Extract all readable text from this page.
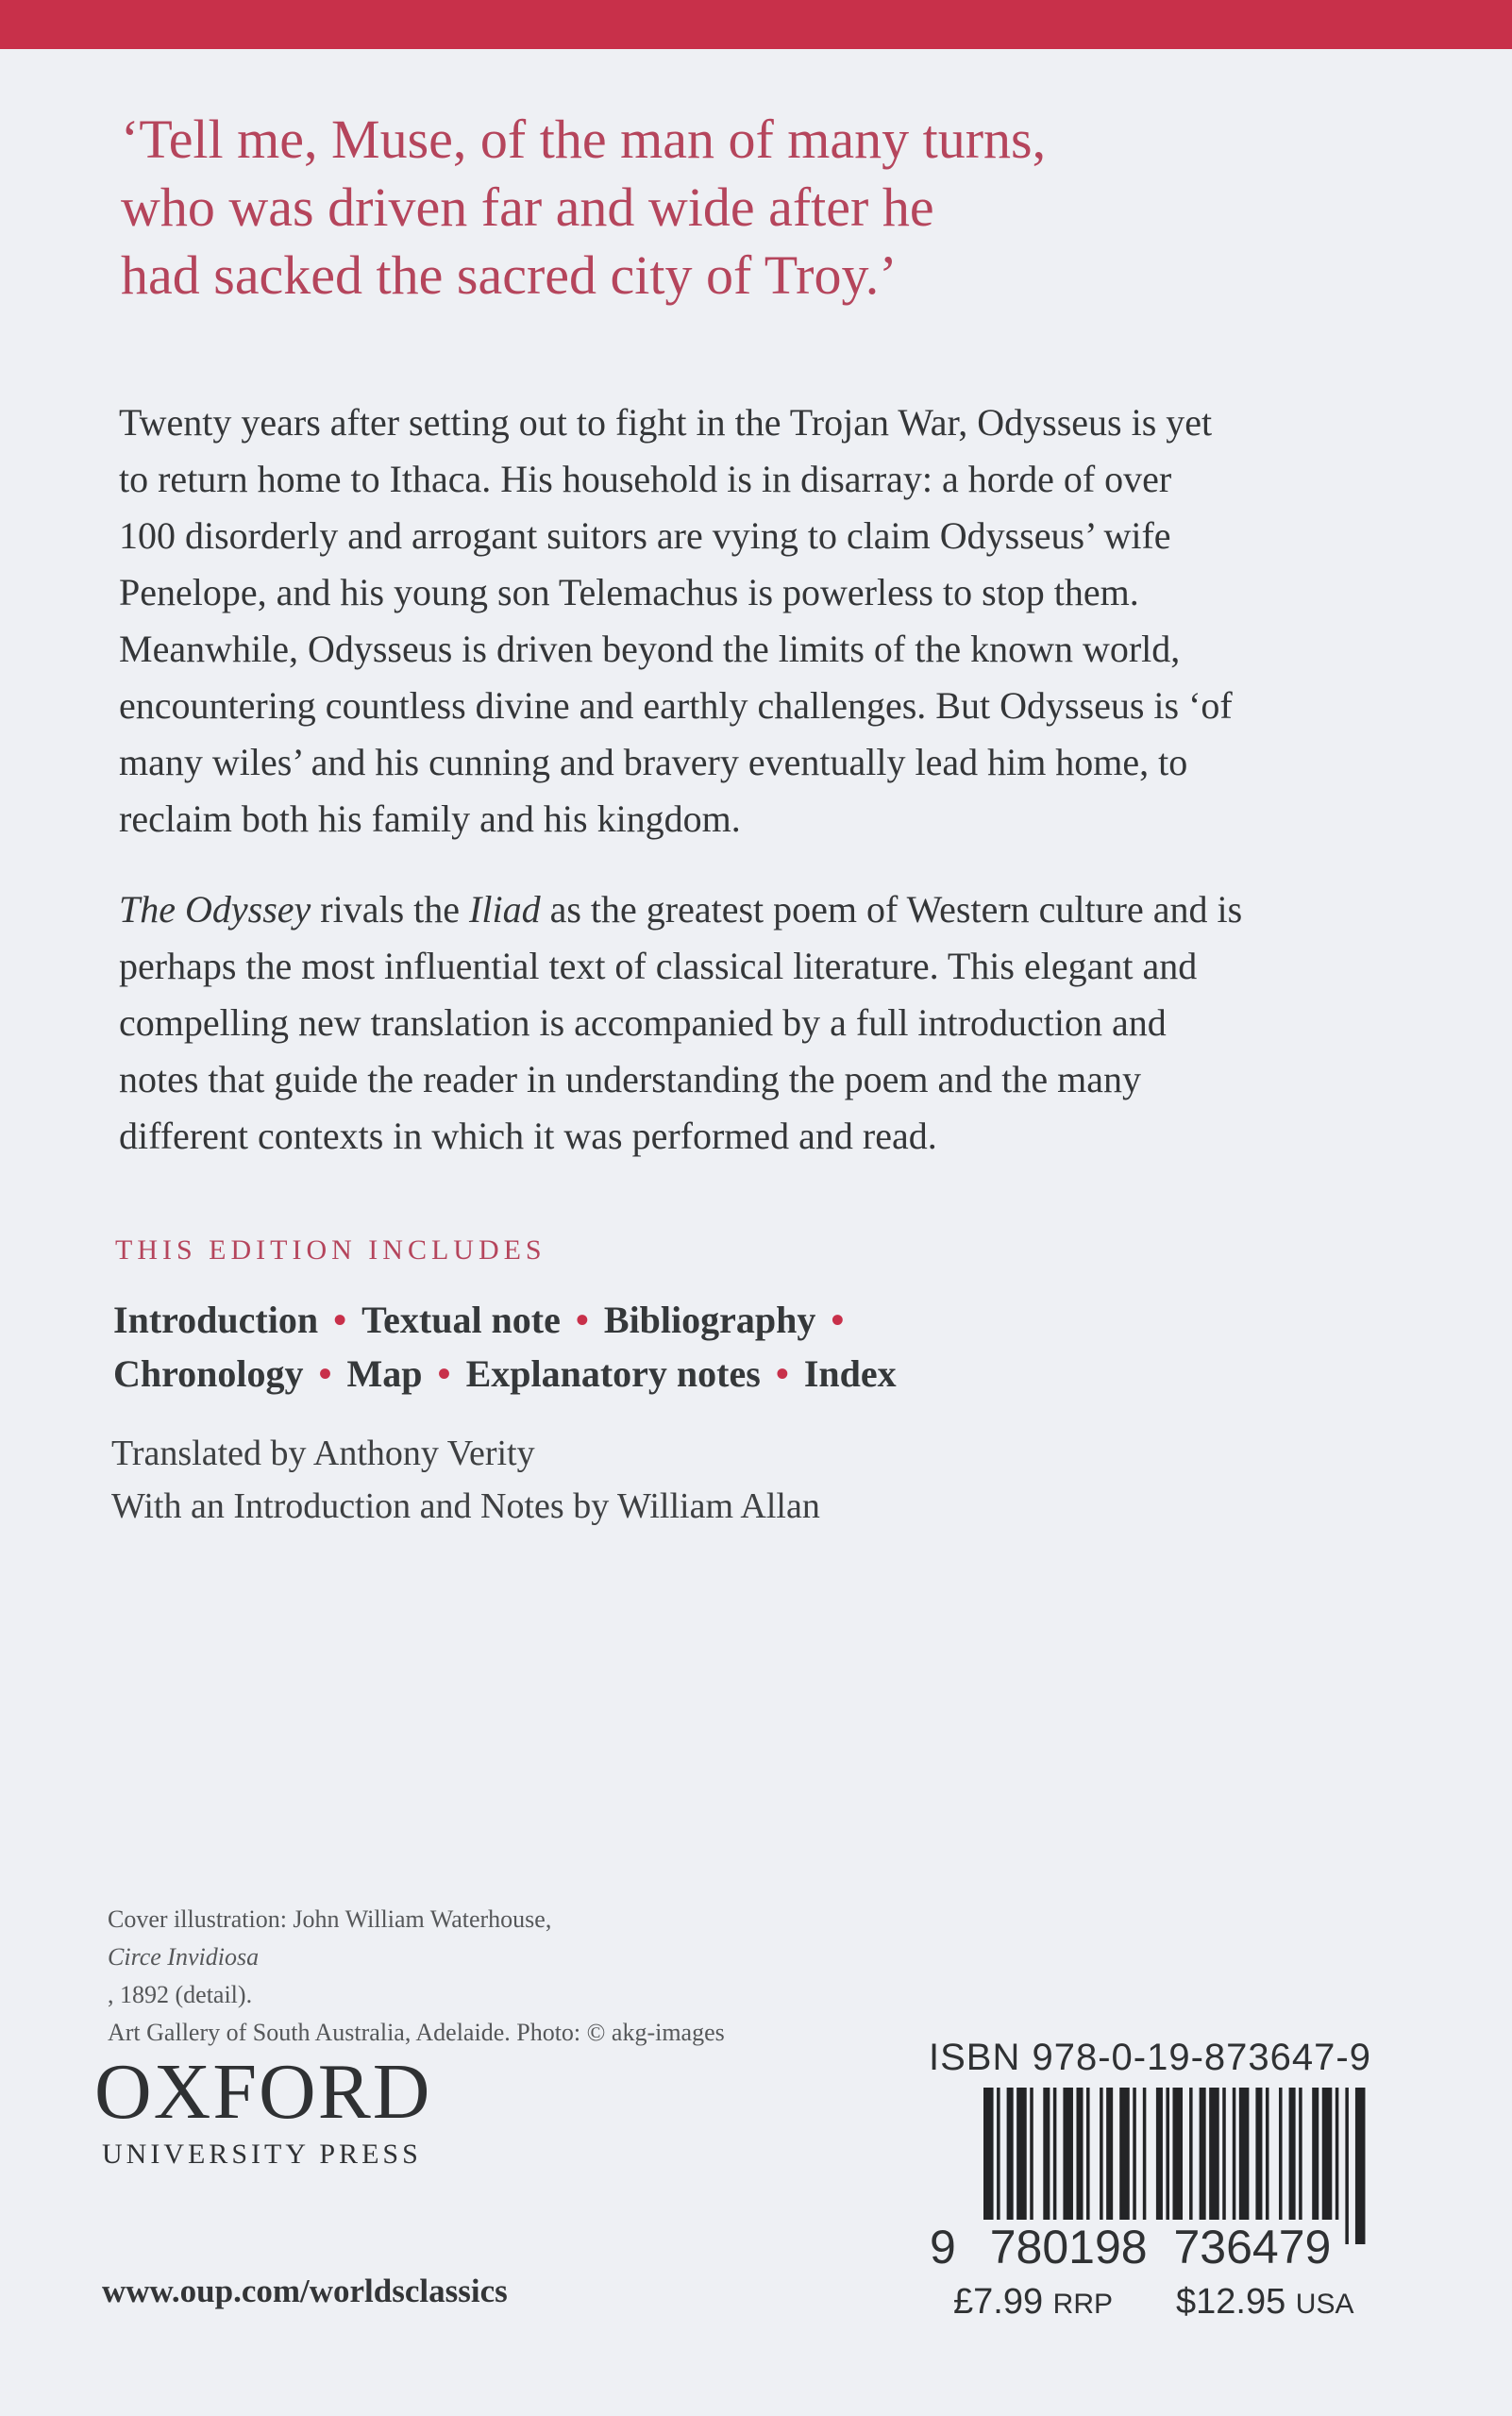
‘Tell me, Muse, of the man of many turns,
who was driven far and wide after he
had sacked the sacred city of Troy.’
Twenty years after setting out to fight in the Trojan War, Odysseus is yet
to return home to Ithaca. His household is in disarray: a horde of over
100 disorderly and arrogant suitors are vying to claim Odysseus’ wife
Penelope, and his young son Telemachus is powerless to stop them.
Meanwhile, Odysseus is driven beyond the limits of the known world,
encountering countless divine and earthly challenges. But Odysseus is ‘of
many wiles’ and his cunning and bravery eventually lead him home, to
reclaim both his family and his kingdom.
The Odyssey rivals the Iliad as the greatest poem of Western culture and is
perhaps the most influential text of classical literature. This elegant and
compelling new translation is accompanied by a full introduction and
notes that guide the reader in understanding the poem and the many
different contexts in which it was performed and read.
THIS EDITION INCLUDES
Introduction • Textual note • Bibliography •
Chronology • Map • Explanatory notes • Index
Translated by Anthony Verity
With an Introduction and Notes by William Allan
Cover illustration: John William Waterhouse,
Circe Invidiosa
, 1892 (detail).
Art Gallery of South Australia, Adelaide. Photo: © akg-images
OXFORD
UNIVERSITY PRESS
www.oup.com/worldsclassics
ISBN 978-0-19-873647-9
9 780198 736479
£7.99 RRP $12.95 USA
